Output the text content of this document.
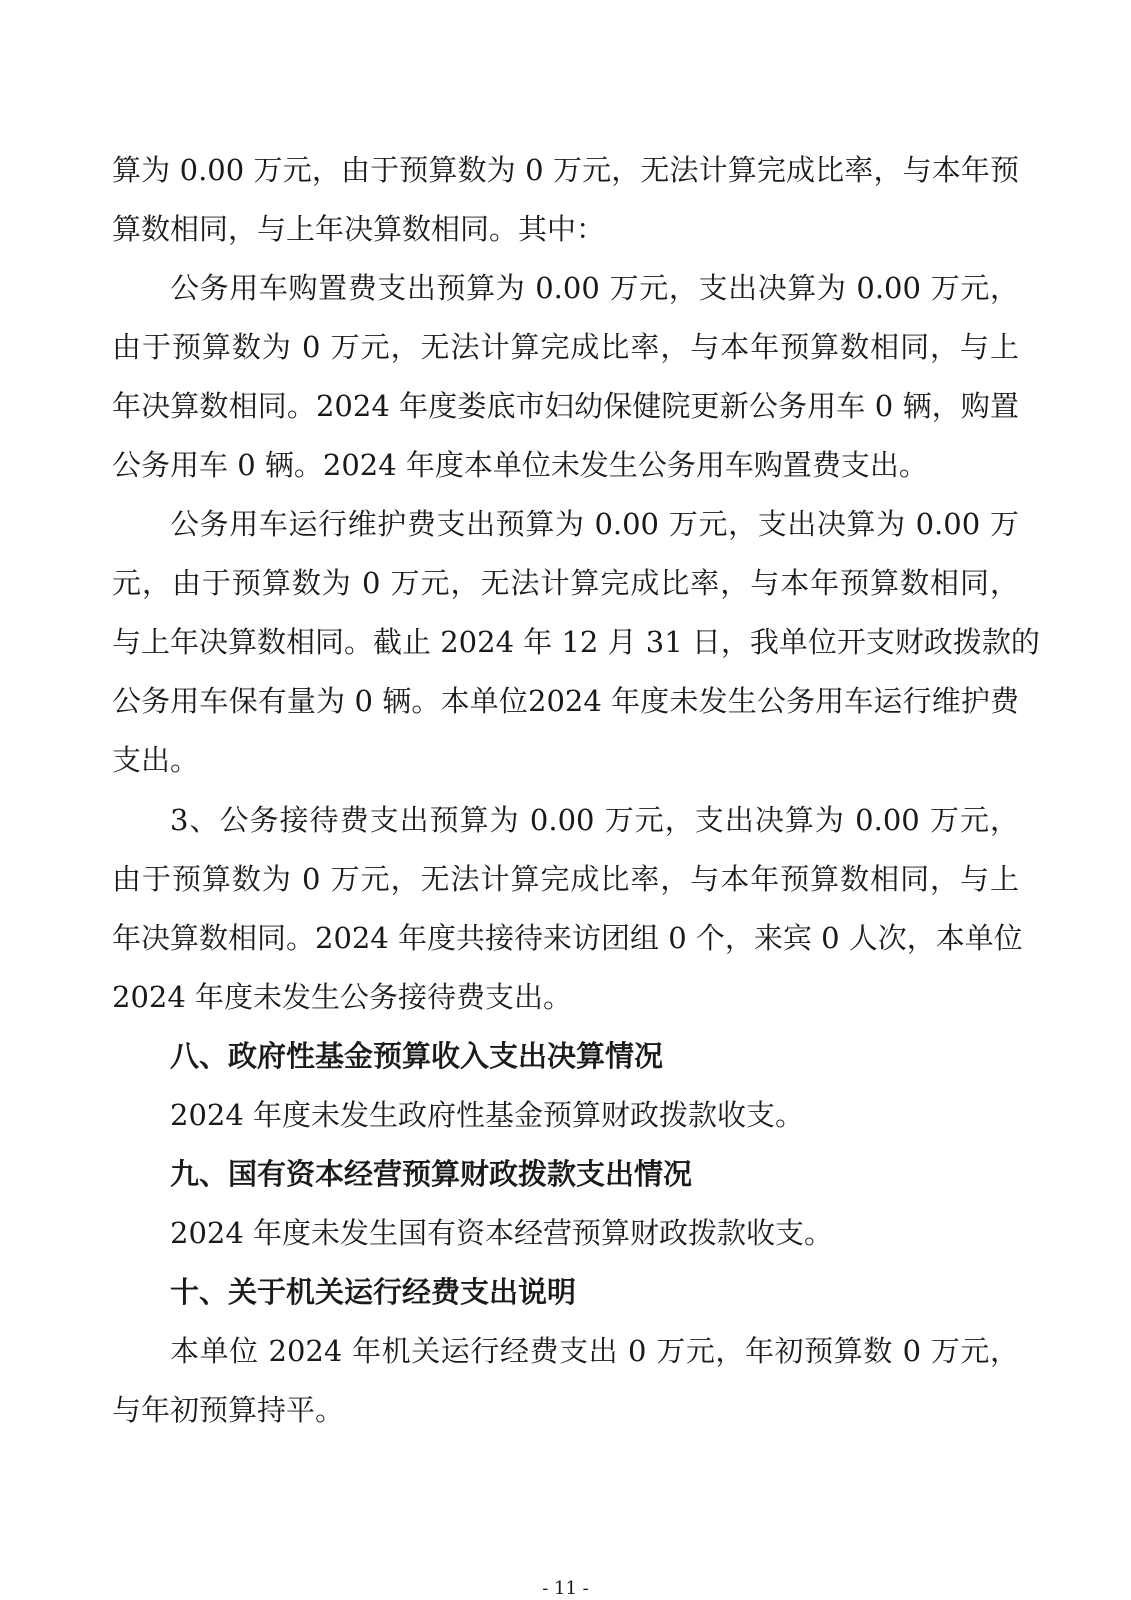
算为 0.00 万元，由于预算数为 0 万元，无法计算完成比率，与本年预
算数相同，与上年决算数相同。其中：
公务用车购置费支出预算为 0.00 万元，支出决算为 0.00 万元，
由于预算数为 0 万元，无法计算完成比率，与本年预算数相同，与上
年决算数相同。2024 年度娄底市妇幼保健院更新公务用车 0 辆，购置
公务用车 0 辆。2024 年度本单位未发生公务用车购置费支出。
公务用车运行维护费支出预算为 0.00 万元，支出决算为 0.00 万
元，由于预算数为 0 万元，无法计算完成比率，与本年预算数相同，
与上年决算数相同。截止 2024 年 12 月 31 日，我单位开支财政拨款的
公务用车保有量为 0 辆。本单位2024 年度未发生公务用车运行维护费
支出。
3、公务接待费支出预算为 0.00 万元，支出决算为 0.00 万元，
由于预算数为 0 万元，无法计算完成比率，与本年预算数相同，与上
年决算数相同。2024 年度共接待来访团组 0 个，来宾 0 人次，本单位
2024 年度未发生公务接待费支出。
八、政府性基金预算收入支出决算情况
2024 年度未发生政府性基金预算财政拨款收支。
九、国有资本经营预算财政拨款支出情况
2024 年度未发生国有资本经营预算财政拨款收支。
十、关于机关运行经费支出说明
本单位 2024 年机关运行经费支出 0 万元，年初预算数 0 万元，
与年初预算持平。
- 11 -
